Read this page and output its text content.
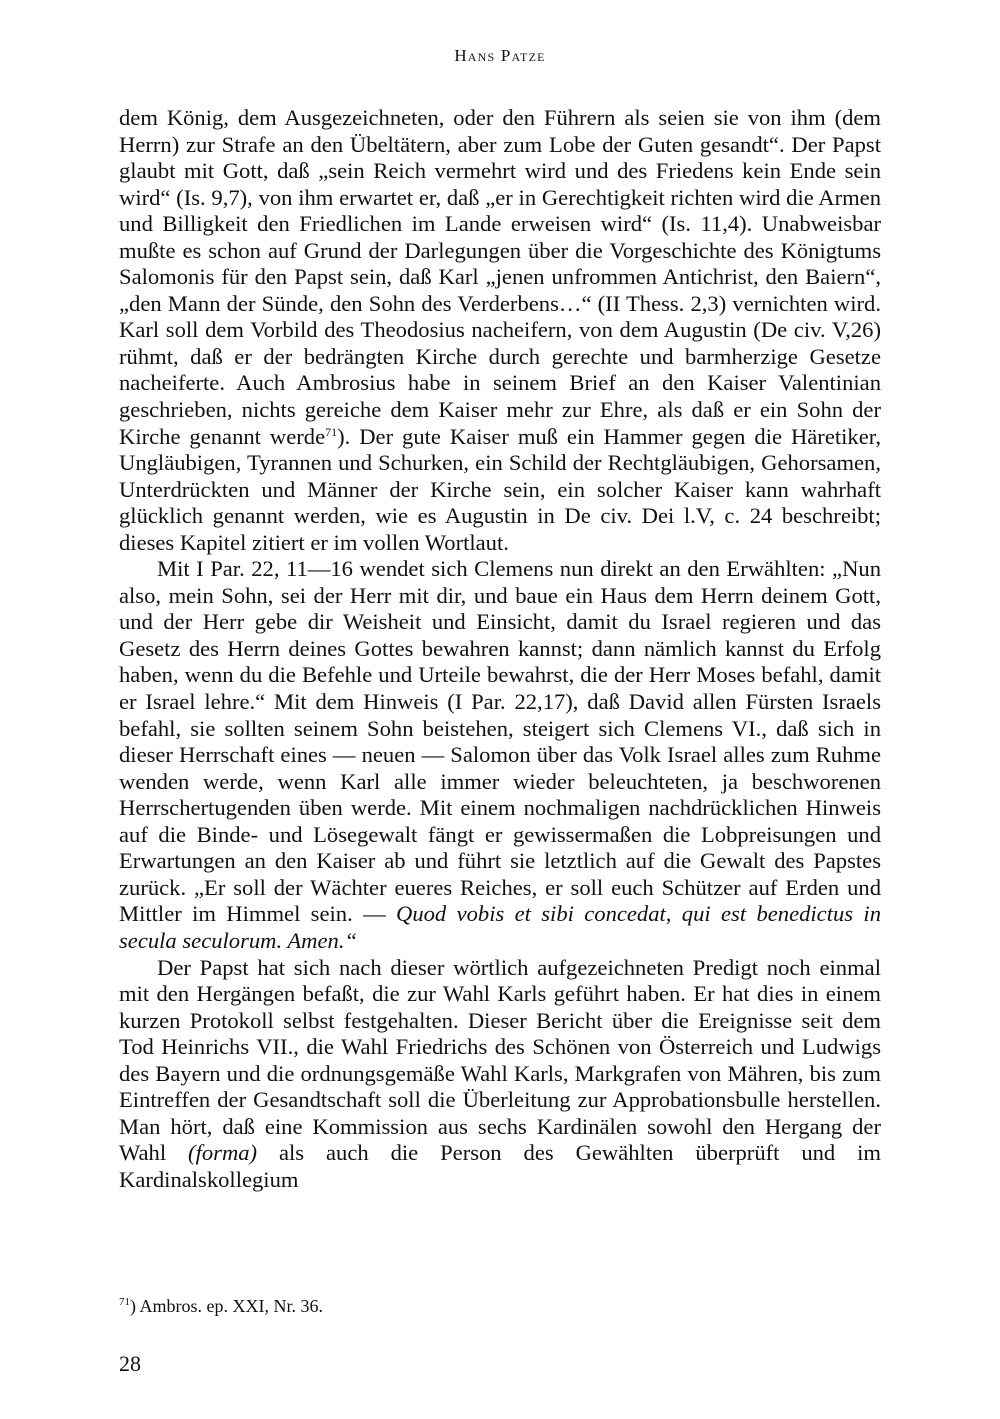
Hans Patze

dem König, dem Ausgezeichneten, oder den Führern als seien sie von ihm (dem Herrn) zur Strafe an den Übeltätern, aber zum Lobe der Guten gesandt“. Der Papst glaubt mit Gott, daß „sein Reich vermehrt wird und des Friedens kein Ende sein wird“ (Is. 9,7), von ihm erwartet er, daß „er in Gerechtigkeit richten wird die Armen und Billigkeit den Friedlichen im Lande erweisen wird“ (Is. 11,4). Unabweisbar mußte es schon auf Grund der Darlegungen über die Vorgeschichte des Königtums Salomonis für den Papst sein, daß Karl „jenen unfrommen Antichrist, den Baiern“, „den Mann der Sünde, den Sohn des Verderbens…“ (II Thess. 2,3) vernichten wird. Karl soll dem Vorbild des Theodosius nacheifern, von dem Augustin (De civ. V,26) rühmt, daß er der bedrängten Kirche durch gerechte und barmherzige Gesetze nacheiferte. Auch Ambrosius habe in seinem Brief an den Kaiser Valentinian geschrieben, nichts gereiche dem Kaiser mehr zur Ehre, als daß er ein Sohn der Kirche genannt werde$^{71}$). Der gute Kaiser muß ein Hammer gegen die Häretiker, Ungläubigen, Tyrannen und Schurken, ein Schild der Rechtgläubigen, Gehorsamen, Unterdrückten und Männer der Kirche sein, ein solcher Kaiser kann wahrhaft glücklich genannt werden, wie es Augustin in De civ. Dei l.V, c. 24 beschreibt; dieses Kapitel zitiert er im vollen Wortlaut.

Mit I Par. 22, 11—16 wendet sich Clemens nun direkt an den Erwählten: „Nun also, mein Sohn, sei der Herr mit dir, und baue ein Haus dem Herrn deinem Gott, und der Herr gebe dir Weisheit und Einsicht, damit du Israel regieren und das Gesetz des Herrn deines Gottes bewahren kannst; dann nämlich kannst du Erfolg haben, wenn du die Befehle und Urteile bewahrst, die der Herr Moses befahl, damit er Israel lehre.“ Mit dem Hinweis (I Par. 22,17), daß David allen Fürsten Israels befahl, sie sollten seinem Sohn beistehen, steigert sich Clemens VI., daß sich in dieser Herrschaft eines — neuen — Salomon über das Volk Israel alles zum Ruhme wenden werde, wenn Karl alle immer wieder beleuchteten, ja beschworenen Herrschertugenden üben werde. Mit einem nochmaligen nachdrücklichen Hinweis auf die Binde- und Lösegewalt fängt er gewissermaßen die Lobpreisungen und Erwartungen an den Kaiser ab und führt sie letztlich auf die Gewalt des Papstes zurück. „Er soll der Wächter eueres Reiches, er soll euch Schützer auf Erden und Mittler im Himmel sein. — Quod vobis et sibi concedat, qui est benedictus in secula seculorum. Amen.“

Der Papst hat sich nach dieser wörtlich aufgezeichneten Predigt noch einmal mit den Hergängen befaßt, die zur Wahl Karls geführt haben. Er hat dies in einem kurzen Protokoll selbst festgehalten. Dieser Bericht über die Ereignisse seit dem Tod Heinrichs VII., die Wahl Friedrichs des Schönen von Österreich und Ludwigs des Bayern und die ordnungsgemäße Wahl Karls, Markgrafen von Mähren, bis zum Eintreffen der Gesandtschaft soll die Überleitung zur Approbationsbulle herstellen. Man hört, daß eine Kommission aus sechs Kardinälen sowohl den Hergang der Wahl (forma) als auch die Person des Gewählten überprüft und im Kardinalskollegium

$^{71}$) Ambros. ep. XXI, Nr. 36.
28
